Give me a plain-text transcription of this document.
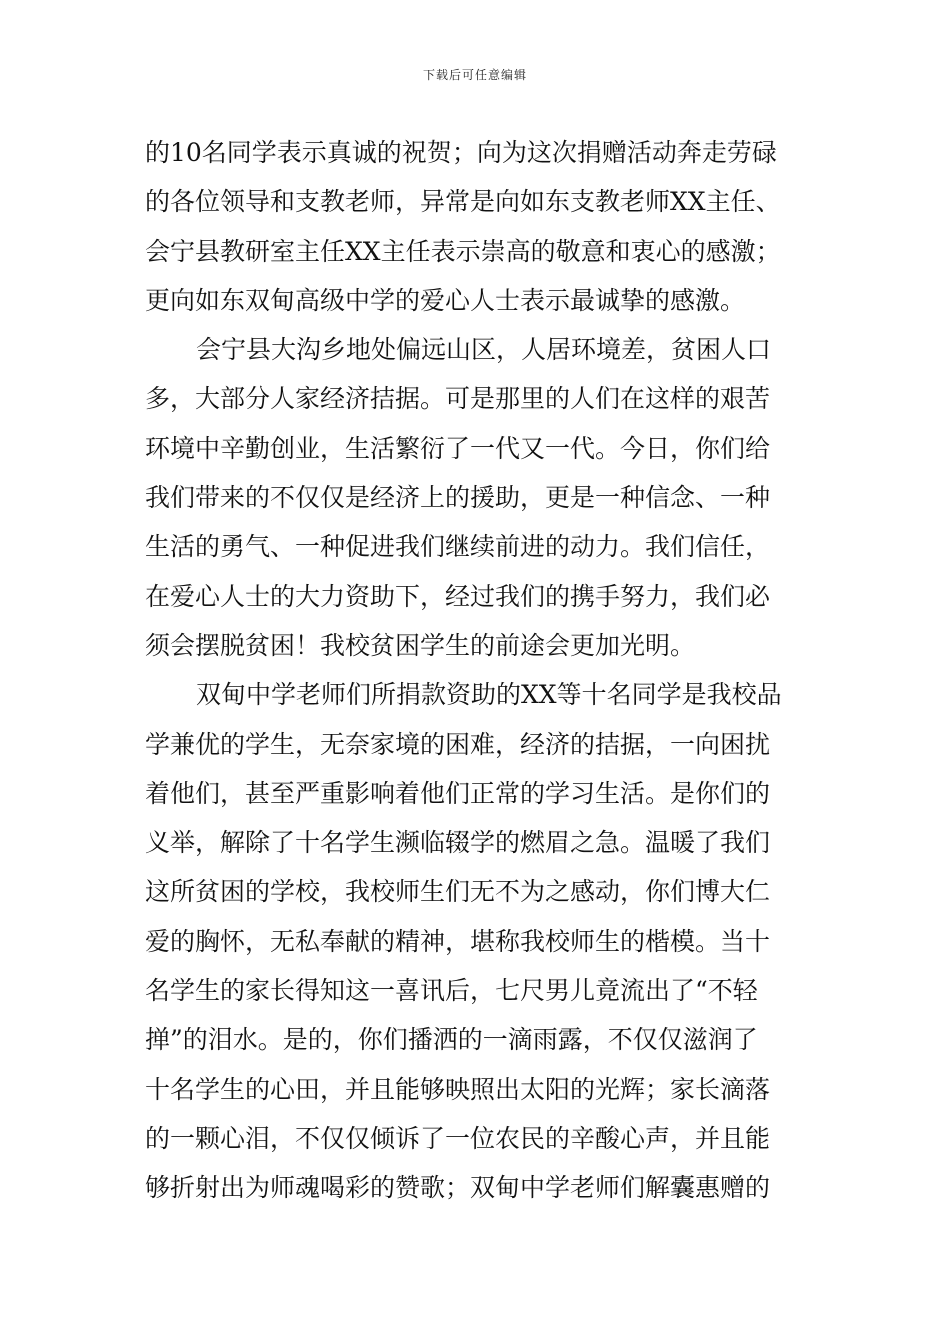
下载后可任意编辑
的10名同学表示真诚的祝贺；向为这次捐赠活动奔走劳碌
的各位领导和支教老师，异常是向如东支教老师XX主任、
会宁县教研室主任XX主任表示崇高的敬意和衷心的感激；
更向如东双甸高级中学的爱心人士表示最诚挚的感激。
会宁县大沟乡地处偏远山区，人居环境差，贫困人口
多，大部分人家经济拮据。可是那里的人们在这样的艰苦
环境中辛勤创业，生活繁衍了一代又一代。今日，你们给
我们带来的不仅仅是经济上的援助，更是一种信念、一种
生活的勇气、一种促进我们继续前进的动力。我们信任，
在爱心人士的大力资助下，经过我们的携手努力，我们必
须会摆脱贫困！我校贫困学生的前途会更加光明。
双甸中学老师们所捐款资助的XX等十名同学是我校品
学兼优的学生，无奈家境的困难，经济的拮据，一向困扰
着他们，甚至严重影响着他们正常的学习生活。是你们的
义举，解除了十名学生濒临辍学的燃眉之急。温暖了我们
这所贫困的学校，我校师生们无不为之感动，你们博大仁
爱的胸怀，无私奉献的精神，堪称我校师生的楷模。当十
名学生的家长得知这一喜讯后，七尺男儿竟流出了“不轻
掸”的泪水。是的，你们播洒的一滴雨露，不仅仅滋润了
十名学生的心田，并且能够映照出太阳的光辉；家长滴落
的一颗心泪，不仅仅倾诉了一位农民的辛酸心声，并且能
够折射出为师魂喝彩的赞歌；双甸中学老师们解囊惠赠的
